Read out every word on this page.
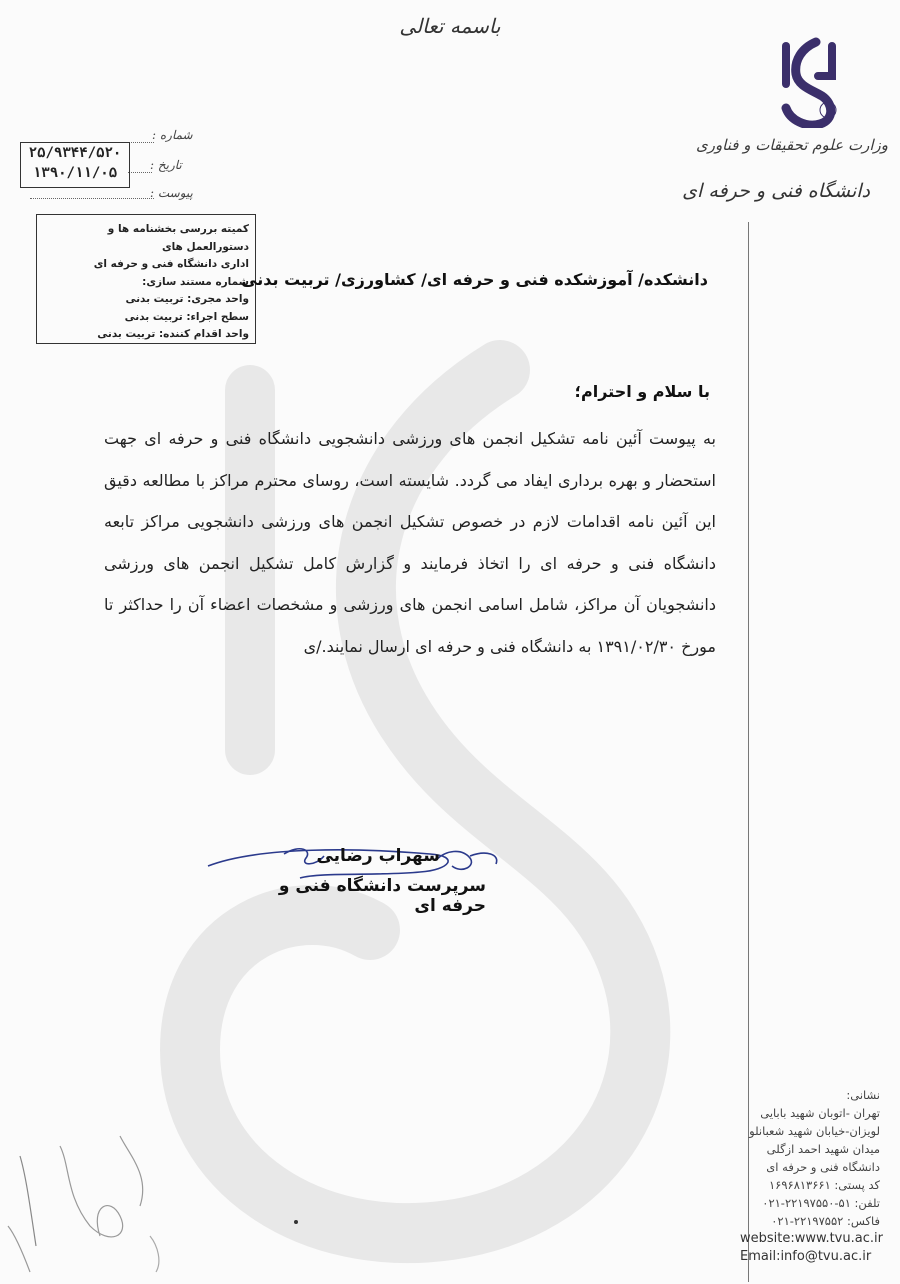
باسمه تعالی
وزارت علوم تحقیقات و فناوری
دانشگاه فنی و حرفه ای
شماره :
تاریخ :
پیوست :
۲۵/۹۳۴۴/۵۲۰
۱۳۹۰/۱۱/۰۵
کمیته بررسی بخشنامه ها و دستورالعمل های
اداری دانشگاه فنی و حرفه ای
شماره مستند سازی:
واحد مجری: تربیت بدنی
سطح اجراء: تربیت بدنی
واحد اقدام کننده: تربیت بدنی
دانشکده/ آموزشکده فنی و حرفه ای/ کشاورزی/ تربیت بدنی
با سلام و احترام؛
به پیوست آئین نامه تشکیل انجمن های ورزشی دانشجویی دانشگاه فنی و حرفه ای جهت استحضار و بهره برداری ایفاد می گردد. شایسته است، روسای محترم مراکز با مطالعه دقیق این آئین نامه اقدامات لازم در خصوص تشکیل انجمن های ورزشی دانشجویی مراکز تابعه دانشگاه فنی و حرفه ای را اتخاذ فرمایند و گزارش کامل تشکیل انجمن های ورزشی دانشجویان آن مراکز، شامل اسامی انجمن های ورزشی و مشخصات اعضاء آن را حداکثر تا مورخ ۱۳۹۱/۰۲/۳۰ به دانشگاه فنی و حرفه ای ارسال نمایند./ی
سهراب رضایی
سرپرست دانشگاه فنی و حرفه ای
نشانی:
تهران -اتوبان شهید بابایی
لویزان-خیابان شهید شعبانلو
میدان شهید احمد ازگلی
دانشگاه فنی و حرفه ای
کد پستی: ۱۶۹۶۸۱۳۶۶۱
تلفن: ۵۱-۲۲۱۹۷۵۵۰-۰۲۱
فاکس: ۲۲۱۹۷۵۵۲-۰۲۱
website:www.tvu.ac.ir
Email:info@tvu.ac.ir
